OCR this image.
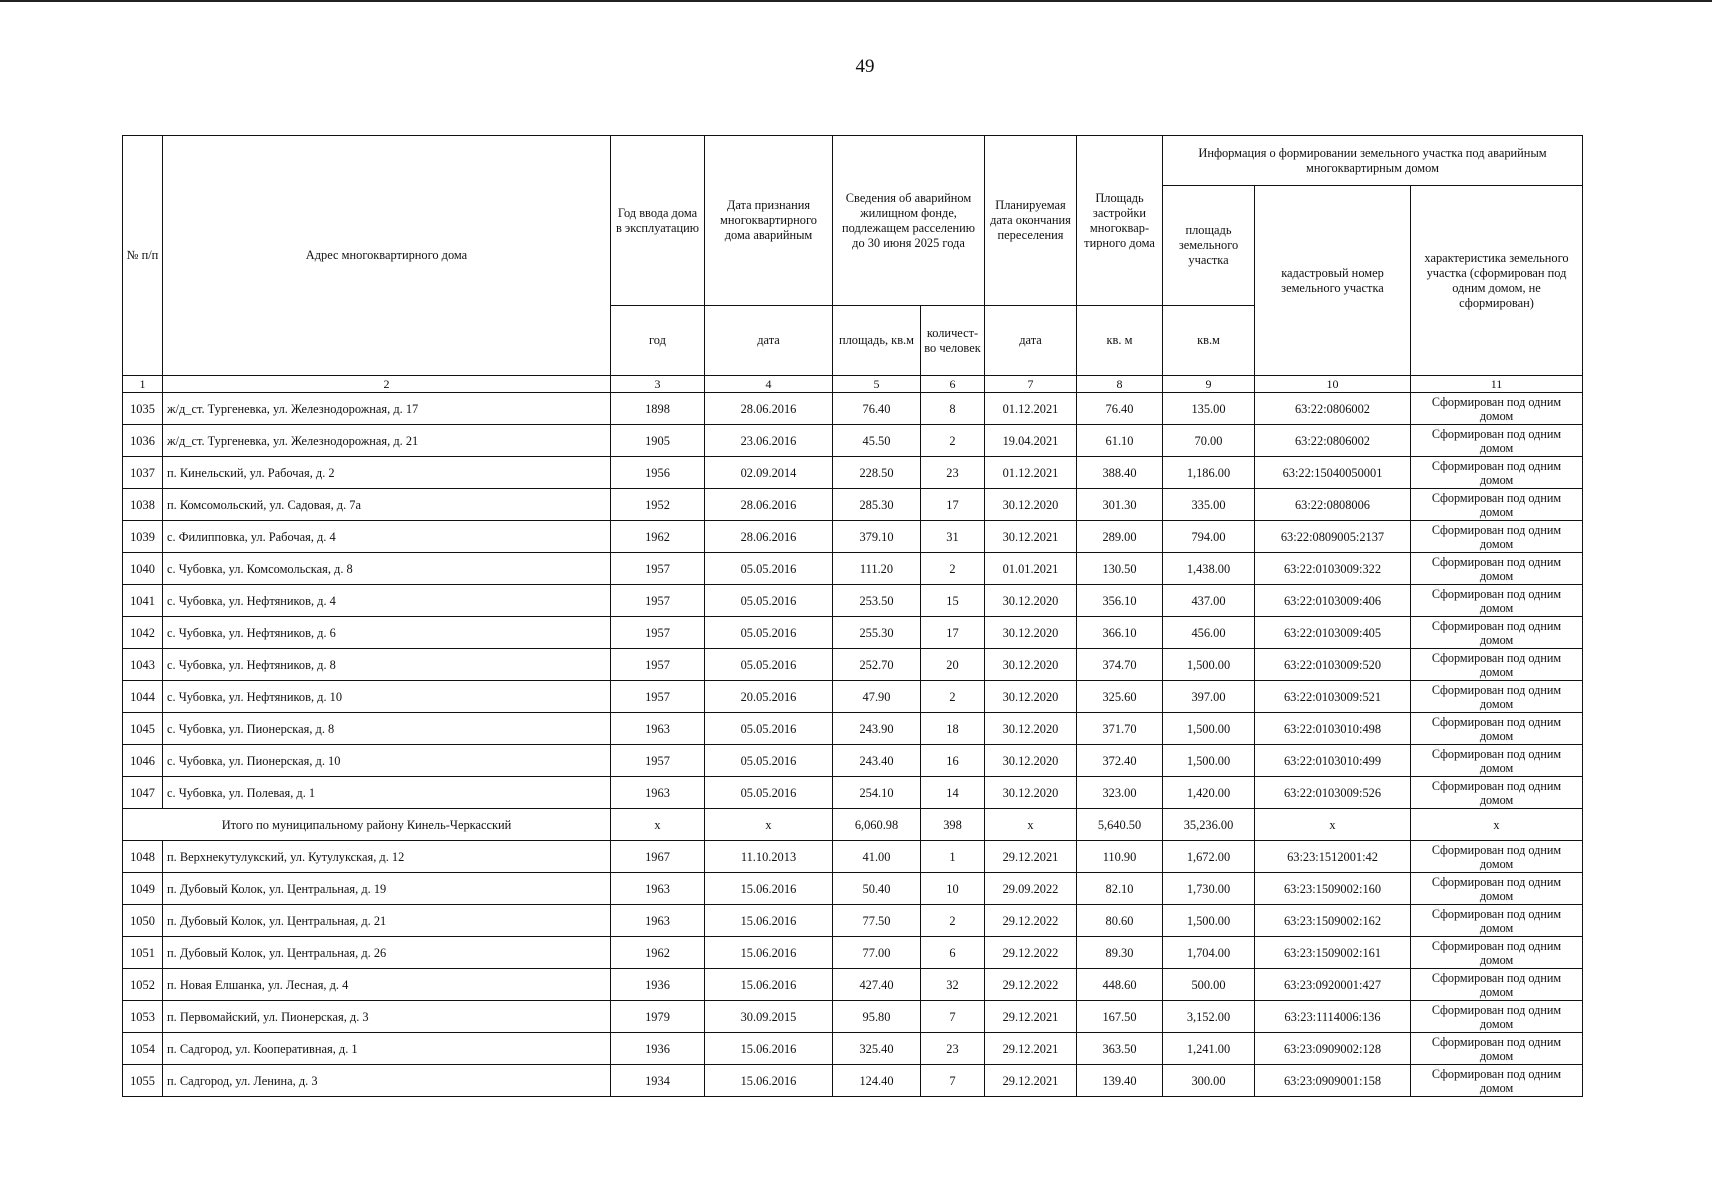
49
№ п/п	Адрес многоквартирного дома	Год ввода дома в эксплуатацию	Дата признания многоквартирного дома аварийным	Сведения об аварийном жилищном фонде, подлежащем расселению до 30 июня 2025 года		Планируемая дата окончания переселения	Площадь застройки многоквар-тирного дома	Информация о формировании земельного участка под аварийным многоквартирным домом		
								площадь земельного участка	кадастровый номер земельного участка	характеристика земельного участка (сформирован под одним домом, не сформирован)
		год	дата	площадь, кв.м	количест-во человек	дата	кв. м	кв.м		
1	2	3	4	5	6	7	8	9	10	11
1035	ж/д_ст. Тургеневка, ул. Железнодорожная, д. 17	1898	28.06.2016	76.40	8	01.12.2021	76.40	135.00	63:22:0806002	Сформирован под одним
домом

1036	ж/д_ст. Тургеневка, ул. Железнодорожная, д. 21	1905	23.06.2016	45.50	2	19.04.2021	61.10	70.00	63:22:0806002	Сформирован под одним
домом

1037	п. Кинельский, ул. Рабочая, д. 2	1956	02.09.2014	228.50	23	01.12.2021	388.40	1,186.00	63:22:15040050001	Сформирован под одним
домом

1038	п. Комсомольский, ул. Садовая, д. 7а	1952	28.06.2016	285.30	17	30.12.2020	301.30	335.00	63:22:0808006	Сформирован под одним
домом

1039	с. Филипповка, ул. Рабочая, д. 4	1962	28.06.2016	379.10	31	30.12.2021	289.00	794.00	63:22:0809005:2137	Сформирован под одним
домом

1040	с. Чубовка, ул. Комсомольская, д. 8	1957	05.05.2016	111.20	2	01.01.2021	130.50	1,438.00	63:22:0103009:322	Сформирован под одним
домом

1041	с. Чубовка, ул. Нефтяников, д. 4	1957	05.05.2016	253.50	15	30.12.2020	356.10	437.00	63:22:0103009:406	Сформирован под одним
домом

1042	с. Чубовка, ул. Нефтяников, д. 6	1957	05.05.2016	255.30	17	30.12.2020	366.10	456.00	63:22:0103009:405	Сформирован под одним
домом

1043	с. Чубовка, ул. Нефтяников, д. 8	1957	05.05.2016	252.70	20	30.12.2020	374.70	1,500.00	63:22:0103009:520	Сформирован под одним
домом

1044	с. Чубовка, ул. Нефтяников, д. 10	1957	20.05.2016	47.90	2	30.12.2020	325.60	397.00	63:22:0103009:521	Сформирован под одним
домом

1045	с. Чубовка, ул. Пионерская, д. 8	1963	05.05.2016	243.90	18	30.12.2020	371.70	1,500.00	63:22:0103010:498	Сформирован под одним
домом

1046	с. Чубовка, ул. Пионерская, д. 10	1957	05.05.2016	243.40	16	30.12.2020	372.40	1,500.00	63:22:0103010:499	Сформирован под одним
домом

1047	с. Чубовка, ул. Полевая, д. 1	1963	05.05.2016	254.10	14	30.12.2020	323.00	1,420.00	63:22:0103009:526	Сформирован под одним
домом

Итого по муниципальному району Кинель-Черкасский		x	x	6,060.98	398	x	5,640.50	35,236.00	x	x
1048	п. Верхнекутулукский, ул. Кутулукская, д. 12	1967	11.10.2013	41.00	1	29.12.2021	110.90	1,672.00	63:23:1512001:42	Сформирован под одним
домом

1049	п. Дубовый Колок, ул. Центральная, д. 19	1963	15.06.2016	50.40	10	29.09.2022	82.10	1,730.00	63:23:1509002:160	Сформирован под одним
домом

1050	п. Дубовый Колок, ул. Центральная, д. 21	1963	15.06.2016	77.50	2	29.12.2022	80.60	1,500.00	63:23:1509002:162	Сформирован под одним
домом

1051	п. Дубовый Колок, ул. Центральная, д. 26	1962	15.06.2016	77.00	6	29.12.2022	89.30	1,704.00	63:23:1509002:161	Сформирован под одним
домом

1052	п. Новая Елшанка, ул. Лесная, д. 4	1936	15.06.2016	427.40	32	29.12.2022	448.60	500.00	63:23:0920001:427	Сформирован под одним
домом

1053	п. Первомайский, ул. Пионерская, д. 3	1979	30.09.2015	95.80	7	29.12.2021	167.50	3,152.00	63:23:1114006:136	Сформирован под одним
домом

1054	п. Садгород, ул. Кооперативная, д. 1	1936	15.06.2016	325.40	23	29.12.2021	363.50	1,241.00	63:23:0909002:128	Сформирован под одним
домом

1055	п. Садгород, ул. Ленина, д. 3	1934	15.06.2016	124.40	7	29.12.2021	139.40	300.00	63:23:0909001:158	Сформирован под одним
домом
